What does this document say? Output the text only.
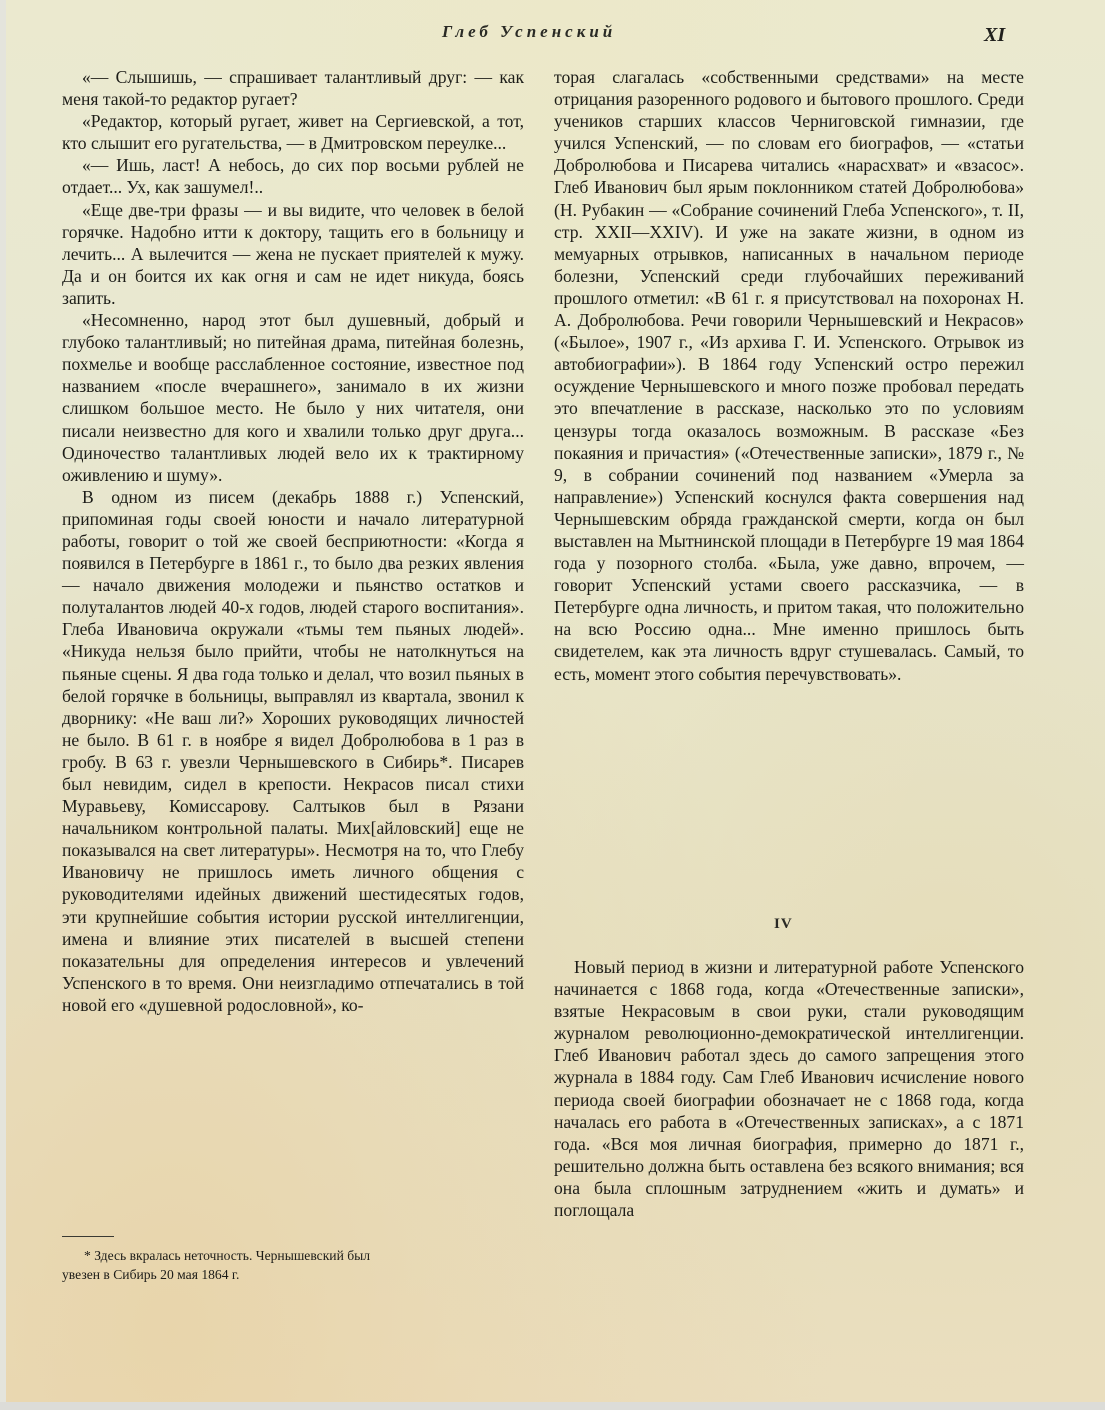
Глеб Успенский	XI

«— Слышишь, — спрашивает талантливый друг: — как меня такой-то редактор ругает?

«Редактор, который ругает, живет на Сергиевской, а тот, кто слышит его ругательства, — в Дмитровском переулке...

«— Ишь, ласт! А небось, до сих пор восьми рублей не отдает... Ух, как зашумел!..

«Еще две-три фразы — и вы видите, что человек в белой горячке. Надобно итти к доктору, тащить его в больницу и лечить... А вылечится — жена не пускает приятелей к мужу. Да и он боится их как огня и сам не идет никуда, боясь запить.

«Несомненно, народ этот был душевный, добрый и глубоко талантливый; но питейная драма, питейная болезнь, похмелье и вообще расслабленное состояние, известное под названием «после вчерашнего», занимало в их жизни слишком большое место. Не было у них читателя, они писали неизвестно для кого и хвалили только друг друга... Одиночество талантливых людей вело их к трактирному оживлению и шуму».

В одном из писем (декабрь 1888 г.) Успенский, припоминая годы своей юности и начало литературной работы, говорит о той же своей бесприютности: «Когда я появился в Петербурге в 1861 г., то было два резких явления — начало движения молодежи и пьянство остатков и полуталантов людей 40-х годов, людей старого воспитания». Глеба Ивановича окружали «тьмы тем пьяных людей». «Никуда нельзя было прийти, чтобы не натолкнуться на пьяные сцены. Я два года только и делал, что возил пьяных в белой горячке в больницы, выправлял из квартала, звонил к дворнику: «Не ваш ли?» Хороших руководящих личностей не было. В 61 г. в ноябре я видел Добролюбова в 1 раз в гробу. В 63 г. увезли Чернышевского в Сибирь*. Писарев был невидим, сидел в крепости. Некрасов писал стихи Муравьеву, Комиссарову. Салтыков был в Рязани начальником контрольной палаты. Мих[айловский] еще не показывался на свет литературы». Несмотря на то, что Глебу Ивановичу не пришлось иметь личного общения с руководителями идейных движений шестидесятых годов, эти крупнейшие события истории русской интеллигенции, имена и влияние этих писателей в высшей степени показательны для определения интересов и увлечений Успенского в то время. Они неизгладимо отпечатались в той новой его «душевной родословной», ко-

* Здесь вкралась неточность. Чернышевский был
увезен в Сибирь 20 мая 1864 г.

торая слагалась «собственными средствами» на месте отрицания разоренного родового и бытового прошлого. Среди учеников старших классов Черниговской гимназии, где учился Успенский, — по словам его биографов, — «статьи Добролюбова и Писарева читались «нарасхват» и «взасос». Глеб Иванович был ярым поклонником статей Добролюбова» (Н. Рубакин — «Собрание сочинений Глеба Успенского», т. II, стр. XXII—XXIV). И уже на закате жизни, в одном из мемуарных отрывков, написанных в начальном периоде болезни, Успенский среди глубочайших переживаний прошлого отметил: «В 61 г. я присутствовал на похоронах Н. А. Добролюбова. Речи говорили Чернышевский и Некрасов» («Былое», 1907 г., «Из архива Г. И. Успенского. Отрывок из автобиографии»). В 1864 году Успенский остро пережил осуждение Чернышевского и много позже пробовал передать это впечатление в рассказе, насколько это по условиям цензуры тогда оказалось возможным. В рассказе «Без покаяния и причастия» («Отечественные записки», 1879 г., № 9, в собрании сочинений под названием «Умерла за направление») Успенский коснулся факта совершения над Чернышевским обряда гражданской смерти, когда он был выставлен на Мытнинской площади в Петербурге 19 мая 1864 года у позорного столба. «Была, уже давно, впрочем, — говорит Успенский устами своего рассказчика, — в Петербурге одна личность, и притом такая, что положительно на всю Россию одна... Мне именно пришлось быть свидетелем, как эта личность вдруг стушевалась. Самый, то есть, момент этого события перечувствовать».

IV

Новый период в жизни и литературной работе Успенского начинается с 1868 года, когда «Отечественные записки», взятые Некрасовым в свои руки, стали руководящим журналом революционно-демократической интеллигенции. Глеб Иванович работал здесь до самого запрещения этого журнала в 1884 году. Сам Глеб Иванович исчисление нового периода своей биографии обозначает не с 1868 года, когда началась его работа в «Отечественных записках», а с 1871 года. «Вся моя личная биография, примерно до 1871 г., решительно должна быть оставлена без всякого внимания; вся она была сплошным затруднением «жить и думать» и поглощала
